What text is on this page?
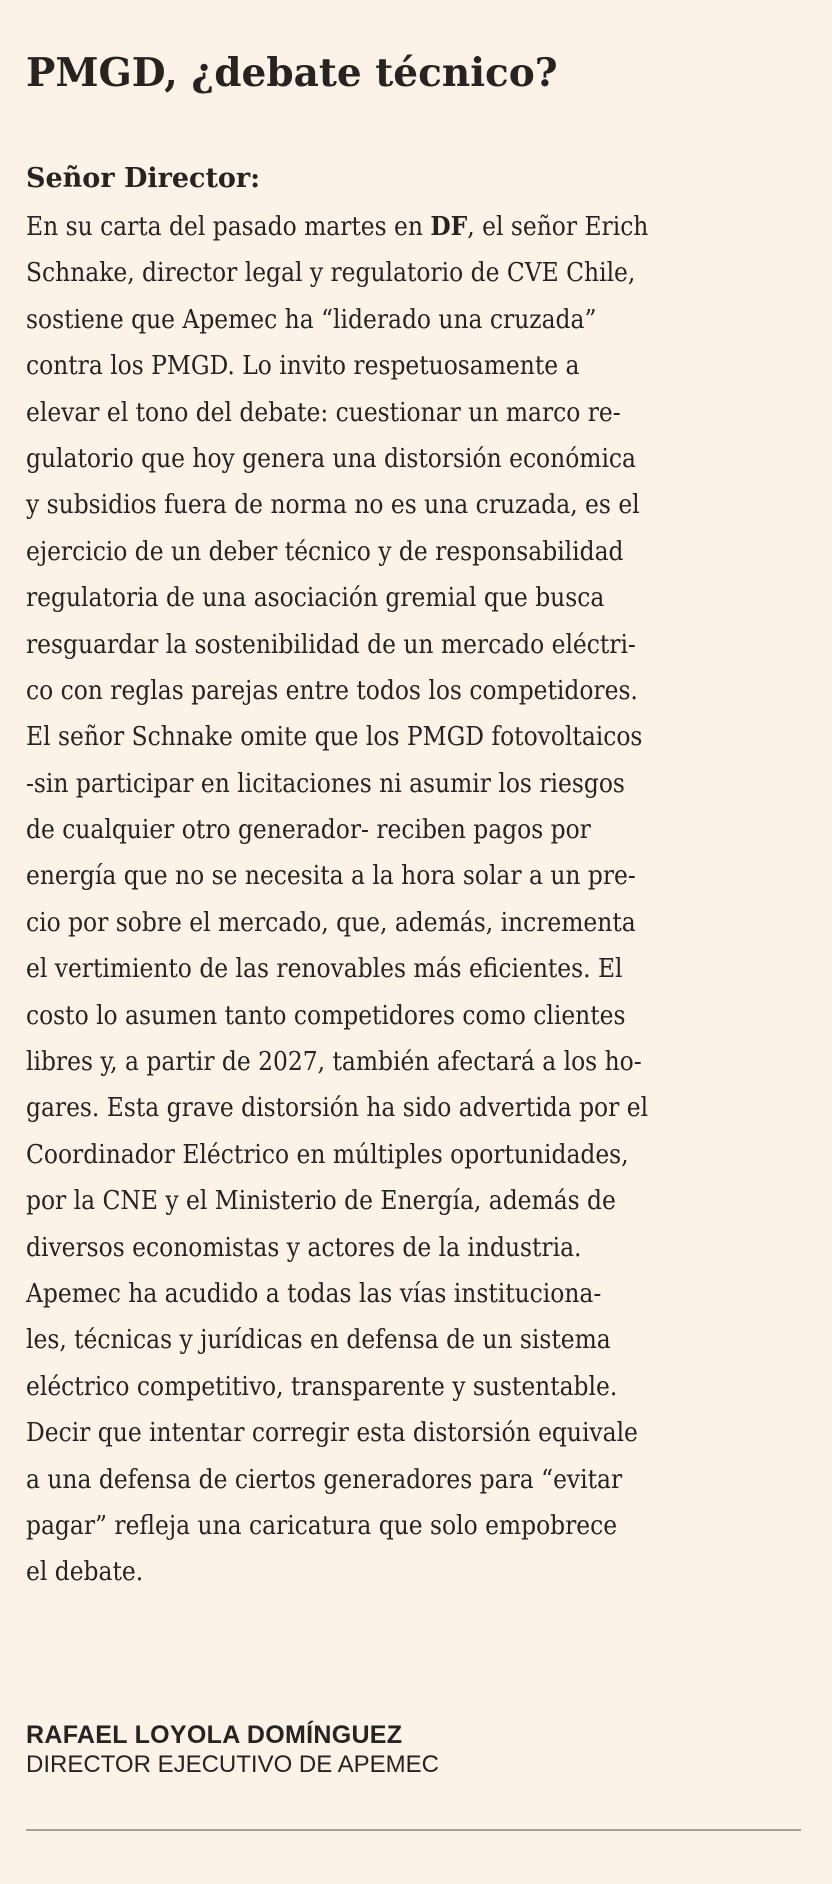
PMGD, ¿debate técnico?

Señor Director:

En su carta del pasado martes en DF, el señor Erich
Schnake, director legal y regulatorio de CVE Chile,
sostiene que Apemec ha “liderado una cruzada”
contra los PMGD. Lo invito respetuosamente a
elevar el tono del debate: cuestionar un marco re-
gulatorio que hoy genera una distorsión económica
y subsidios fuera de norma no es una cruzada, es el
ejercicio de un deber técnico y de responsabilidad
regulatoria de una asociación gremial que busca
resguardar la sostenibilidad de un mercado eléctri-
co con reglas parejas entre todos los competidores.
El señor Schnake omite que los PMGD fotovoltaicos
-sin participar en licitaciones ni asumir los riesgos
de cualquier otro generador- reciben pagos por
energía que no se necesita a la hora solar a un pre-
cio por sobre el mercado, que, además, incrementa
el vertimiento de las renovables más eficientes. El
costo lo asumen tanto competidores como clientes
libres y, a partir de 2027, también afectará a los ho-
gares. Esta grave distorsión ha sido advertida por el
Coordinador Eléctrico en múltiples oportunidades,
por la CNE y el Ministerio de Energía, además de
diversos economistas y actores de la industria.
Apemec ha acudido a todas las vías instituciona-
les, técnicas y jurídicas en defensa de un sistema
eléctrico competitivo, transparente y sustentable.
Decir que intentar corregir esta distorsión equivale
a una defensa de ciertos generadores para “evitar
pagar” refleja una caricatura que solo empobrece
el debate.

RAFAEL LOYOLA DOMÍNGUEZ

DIRECTOR EJECUTIVO DE APEMEC
